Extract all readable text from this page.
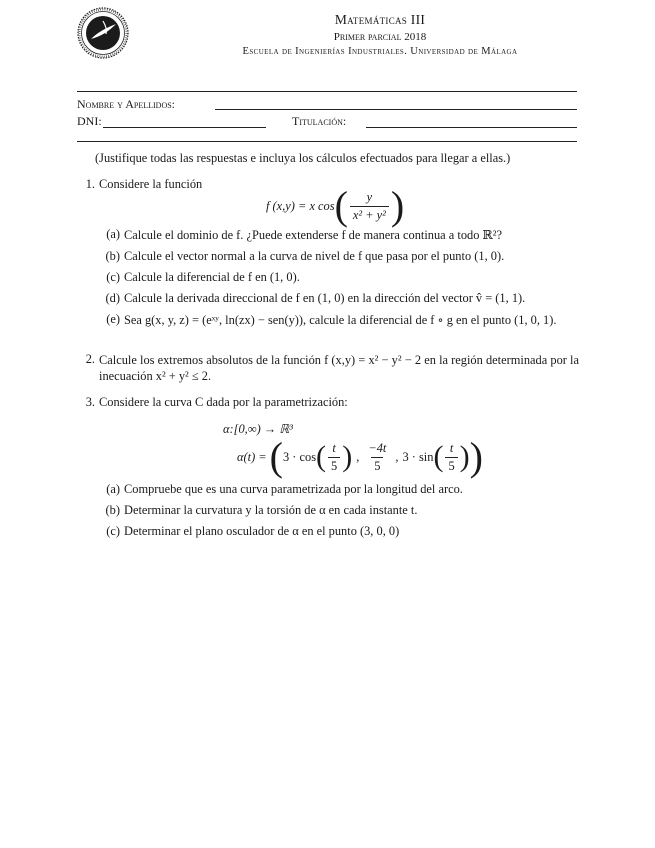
Matemáticas III
Primer parcial 2018
Escuela de Ingenierías Industriales. Universidad de Málaga
Nombre y Apellidos:
DNI:	Titulación:
(Justifique todas las respuestas e incluya los cálculos efectuados para llegar a ellas.)
1. Considere la función
f (x,y) = x cos ( $\frac{y}{\text{x² + y²}}$ )
(a) Calcule el dominio de f. ¿Puede extenderse f de manera continua a todo ℝ²?
(b) Calcule el vector normal a la curva de nivel de f que pasa por el punto (1, 0).
(c) Calcule la diferencial de f en (1, 0).
(d) Calcule la derivada direccional de f en (1, 0) en la dirección del vector v̂ = (1, 1).
(e) Sea g(x, y, z) = (eˣʸ, ln(zx) − sen(y)), calcule la diferencial de f ∘ g en el punto (1, 0, 1).
2. Calcule los extremos absolutos de la función f (x,y) = x² − y² − 2 en la región determinada por la inecuación x² + y² ≤ 2.
3. Considere la curva C dada por la parametrización:
α:[0,∞) → ℝ³
α(t) = ( 3 · cos ( $\frac{t}{5}$ ) , $\frac{-4t}{5}$ , 3 · sin ( $\frac{t}{5}$ ) )
(a) Compruebe que es una curva parametrizada por la longitud del arco.
(b) Determinar la curvatura y la torsión de α en cada instante t.
(c) Determinar el plano osculador de α en el punto (3, 0, 0)
